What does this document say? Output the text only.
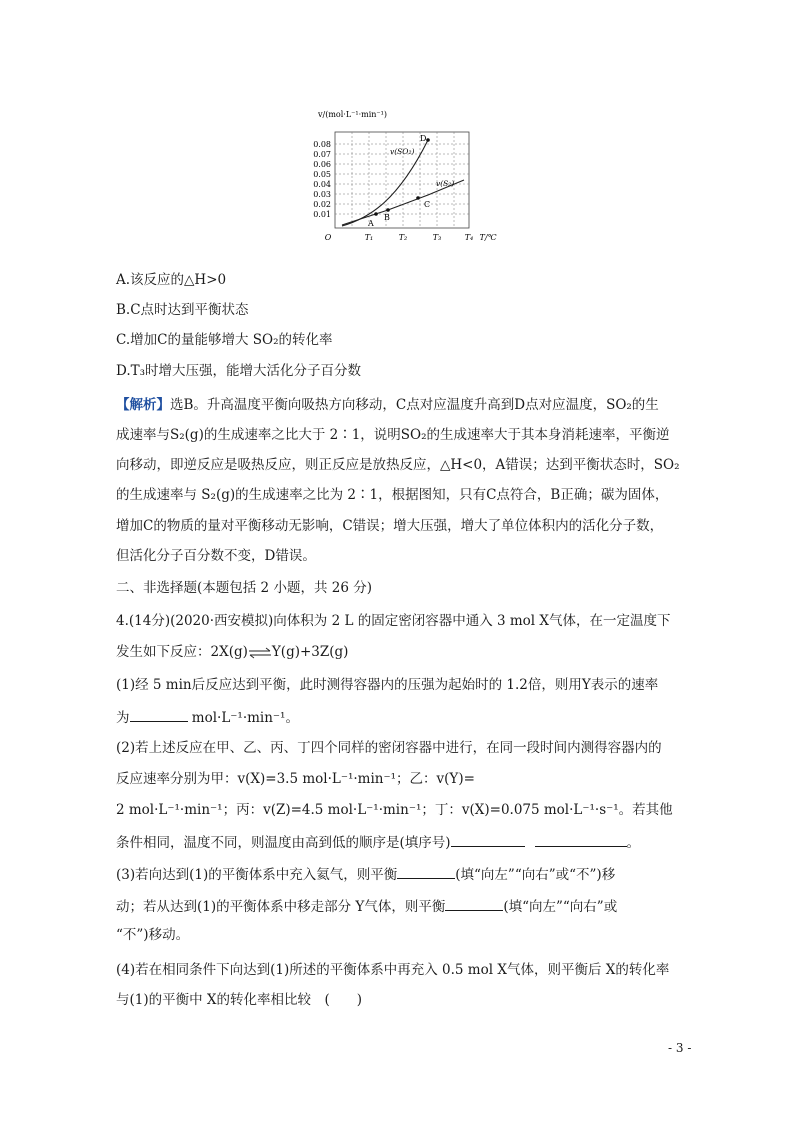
v/(mol·L⁻¹·min⁻¹)
0.08
0.07
0.06
0.05
0.04
0.03
0.02
0.01
O	T₁	T₂	T₃	T₄ T/℃
A
B
C
D
v(SO₂)
v(S₂)
A.该反应的△H>0
B.C点时达到平衡状态
C.增加C的量能够增大 SO₂的转化率
D.T₃时增大压强，能增大活化分子百分数
【解析】选B。升高温度平衡向吸热方向移动，C点对应温度升高到D点对应温度，SO₂的生
成速率与S₂(g)的生成速率之比大于 2∶1，说明SO₂的生成速率大于其本身消耗速率，平衡逆
向移动，即逆反应是吸热反应，则正反应是放热反应，△H<0，A错误；达到平衡状态时，SO₂
的生成速率与 S₂(g)的生成速率之比为 2∶1，根据图知，只有C点符合，B正确；碳为固体，
增加C的物质的量对平衡移动无影响，C错误；增大压强，增大了单位体积内的活化分子数，
但活化分子百分数不变，D错误。
二、非选择题(本题包括 2 小题，共 26 分)
4.(14分)(2020·西安模拟)向体积为 2 L 的固定密闭容器中通入 3 mol X气体，在一定温度下
发生如下反应：2X(g)⇌Y(g)+3Z(g)
(1)经 5 min后反应达到平衡，此时测得容器内的压强为起始时的 1.2倍，则用Y表示的速率
为	mol·L⁻¹·min⁻¹。
(2)若上述反应在甲、乙、丙、丁四个同样的密闭容器中进行，在同一段时间内测得容器内的
反应速率分别为甲：v(X)=3.5 mol·L⁻¹·min⁻¹；乙：v(Y)=
2 mol·L⁻¹·min⁻¹；丙：v(Z)=4.5 mol·L⁻¹·min⁻¹；丁：v(X)=0.075 mol·L⁻¹·s⁻¹。若其他
条件相同，温度不同，则温度由高到低的顺序是(填序号)	。
(3)若向达到(1)的平衡体系中充入氦气，则平衡	(填“向左”“向右”或“不”)移
动；若从达到(1)的平衡体系中移走部分 Y气体，则平衡	(填“向左”“向右”或
“不”)移动。
(4)若在相同条件下向达到(1)所述的平衡体系中再充入 0.5 mol X气体，则平衡后 X的转化率
与(1)的平衡中 X的转化率相比较　(　　)
- 3 -
